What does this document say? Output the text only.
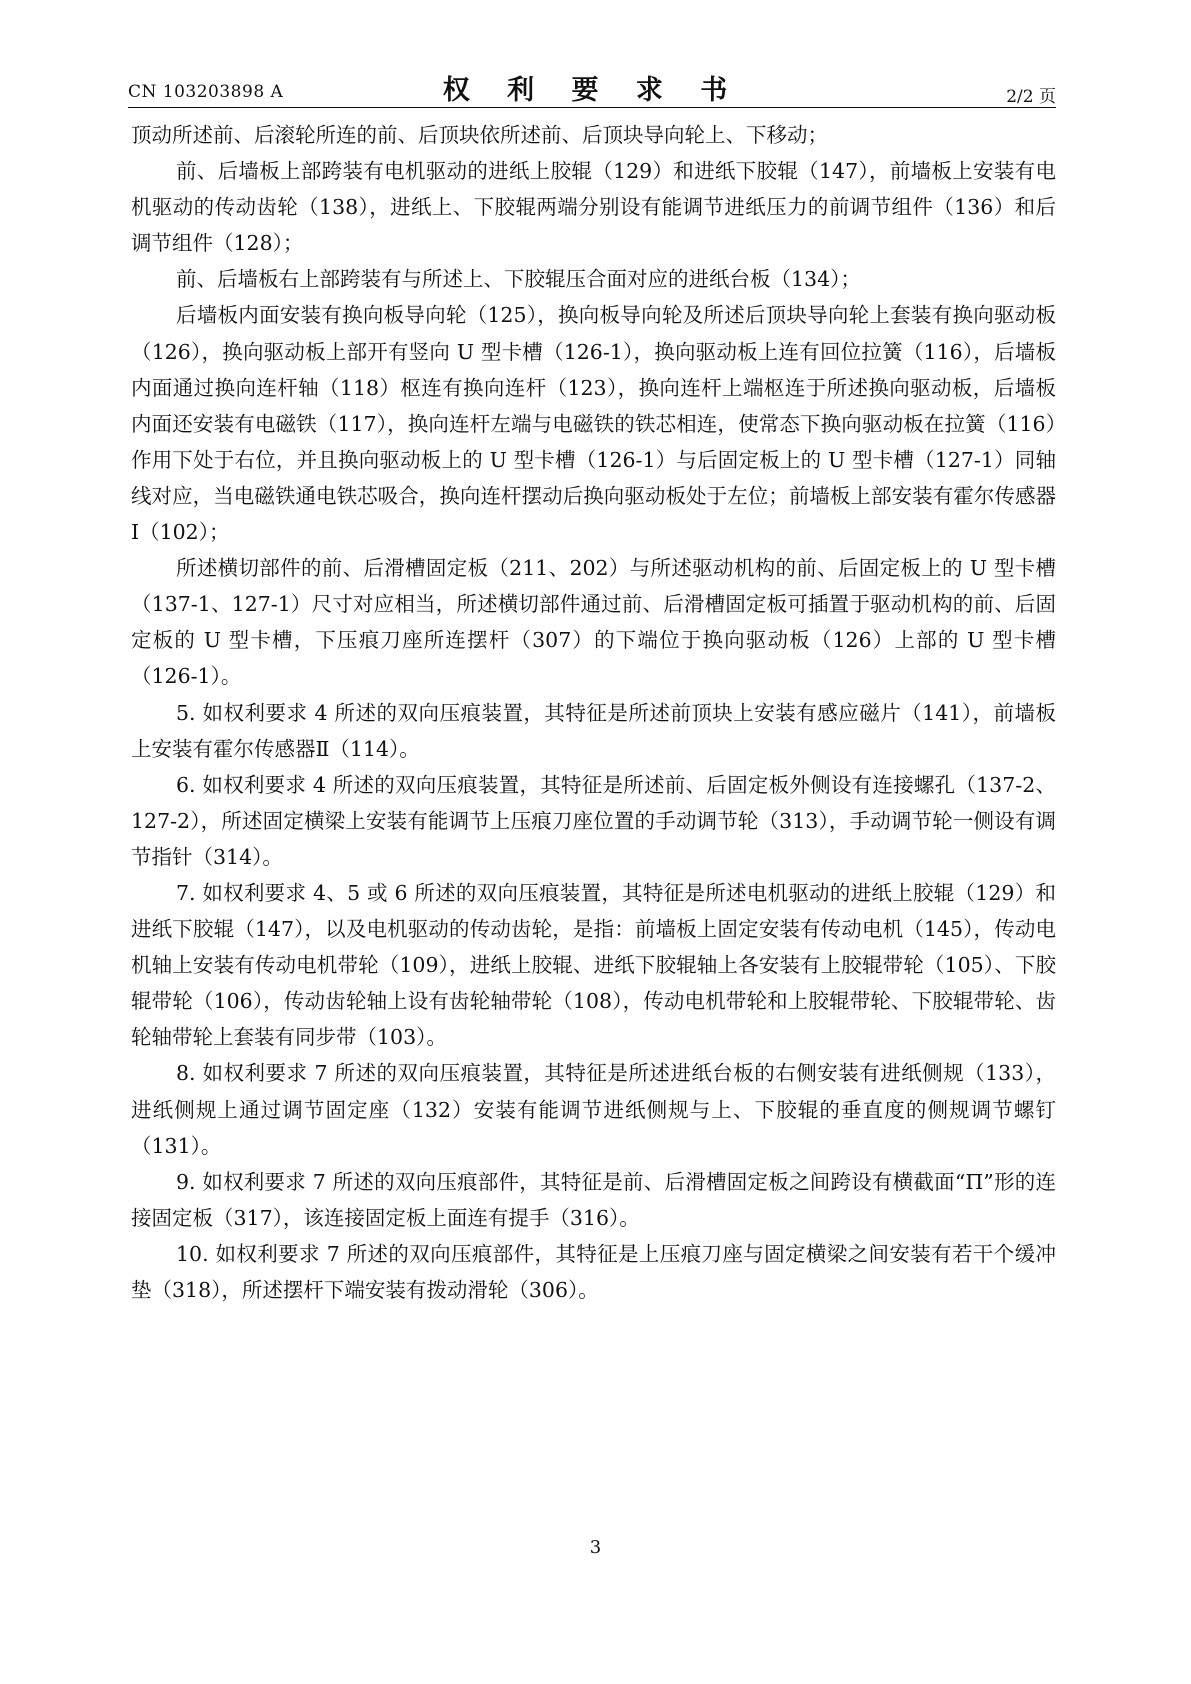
CN 103203898 A	权 利 要 求 书	2/2 页

顶动所述前、后滚轮所连的前、后顶块依所述前、后顶块导向轮上、下移动；

前、后墙板上部跨装有电机驱动的进纸上胶辊（129）和进纸下胶辊（147），前墙板上安装有电机驱动的传动齿轮（138），进纸上、下胶辊两端分别设有能调节进纸压力的前调节组件（136）和后调节组件（128）；

前、后墙板右上部跨装有与所述上、下胶辊压合面对应的进纸台板（134）；

后墙板内面安装有换向板导向轮（125），换向板导向轮及所述后顶块导向轮上套装有换向驱动板（126），换向驱动板上部开有竖向 U 型卡槽（126-1），换向驱动板上连有回位拉簧（116），后墙板内面通过换向连杆轴（118）枢连有换向连杆（123），换向连杆上端枢连于所述换向驱动板，后墙板内面还安装有电磁铁（117），换向连杆左端与电磁铁的铁芯相连，使常态下换向驱动板在拉簧（116）作用下处于右位，并且换向驱动板上的 U 型卡槽（126-1）与后固定板上的 U 型卡槽（127-1）同轴线对应，当电磁铁通电铁芯吸合，换向连杆摆动后换向驱动板处于左位；前墙板上部安装有霍尔传感器Ⅰ（102）；

所述横切部件的前、后滑槽固定板（211、202）与所述驱动机构的前、后固定板上的 U 型卡槽（137-1、127-1）尺寸对应相当，所述横切部件通过前、后滑槽固定板可插置于驱动机构的前、后固定板的 U 型卡槽，下压痕刀座所连摆杆（307）的下端位于换向驱动板（126）上部的 U 型卡槽（126-1）。

5. 如权利要求 4 所述的双向压痕装置，其特征是所述前顶块上安装有感应磁片（141），前墙板上安装有霍尔传感器Ⅱ（114）。

6. 如权利要求 4 所述的双向压痕装置，其特征是所述前、后固定板外侧设有连接螺孔（137-2、127-2），所述固定横梁上安装有能调节上压痕刀座位置的手动调节轮（313），手动调节轮一侧设有调节指针（314）。

7. 如权利要求 4、5 或 6 所述的双向压痕装置，其特征是所述电机驱动的进纸上胶辊（129）和进纸下胶辊（147），以及电机驱动的传动齿轮，是指：前墙板上固定安装有传动电机（145），传动电机轴上安装有传动电机带轮（109），进纸上胶辊、进纸下胶辊轴上各安装有上胶辊带轮（105）、下胶辊带轮（106），传动齿轮轴上设有齿轮轴带轮（108），传动电机带轮和上胶辊带轮、下胶辊带轮、齿轮轴带轮上套装有同步带（103）。

8. 如权利要求 7 所述的双向压痕装置，其特征是所述进纸台板的右侧安装有进纸侧规（133），进纸侧规上通过调节固定座（132）安装有能调节进纸侧规与上、下胶辊的垂直度的侧规调节螺钉（131）。

9. 如权利要求 7 所述的双向压痕部件，其特征是前、后滑槽固定板之间跨设有横截面“Π”形的连接固定板（317），该连接固定板上面连有提手（316）。

10. 如权利要求 7 所述的双向压痕部件，其特征是上压痕刀座与固定横梁之间安装有若干个缓冲垫（318），所述摆杆下端安装有拨动滑轮（306）。

3
